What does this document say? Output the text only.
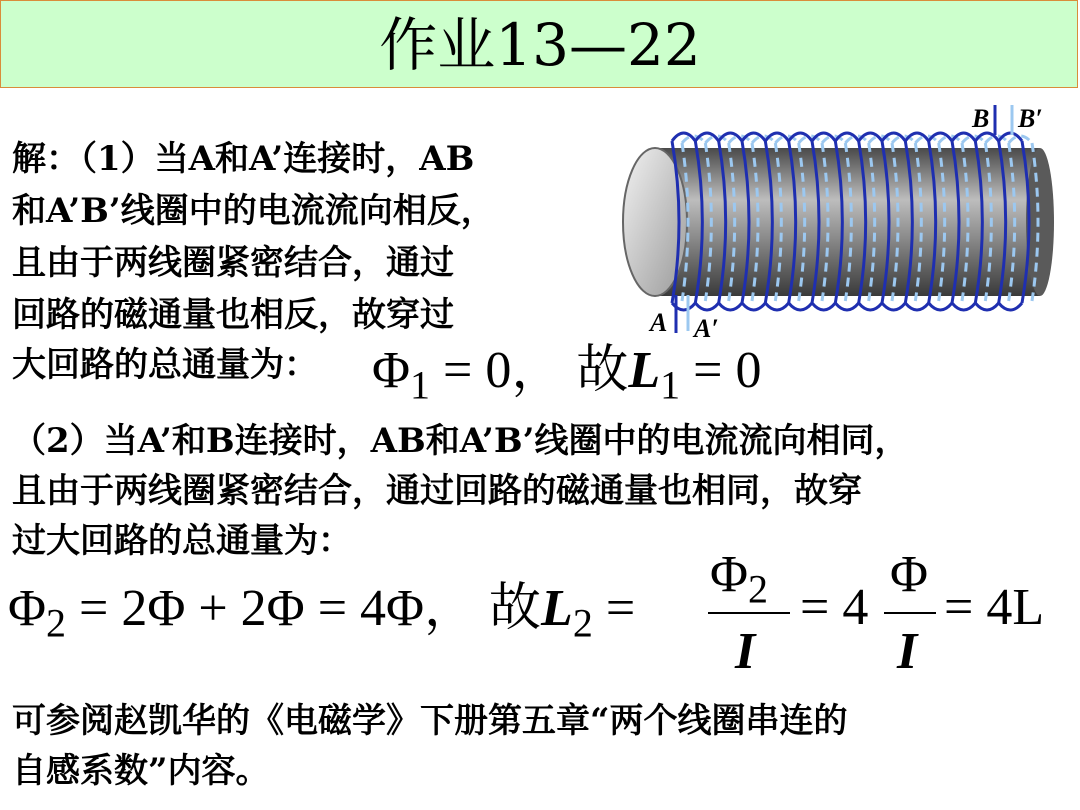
作业13—22
解：（1）当A和A’连接时，AB
和A’B’线圈中的电流流向相反，
且由于两线圈紧密结合，通过
回路的磁通量也相反，故穿过
大回路的总通量为： $\Phi_1 = 0$， 故$L_1 = 0$
（2）当A’和B连接时，AB和A’B’线圈中的电流流向相同，
且由于两线圈紧密结合，通过回路的磁通量也相同，故穿
过大回路的总通量为：
$\Phi_2 = 2\Phi + 2\Phi = 4\Phi$， 故$L_2$ =
$\Phi_2$
I
= 4
Φ
I
= 4L
可参阅赵凯华的《电磁学》下册第五章“两个线圈串连的
自感系数”内容。
B B′
A A′
